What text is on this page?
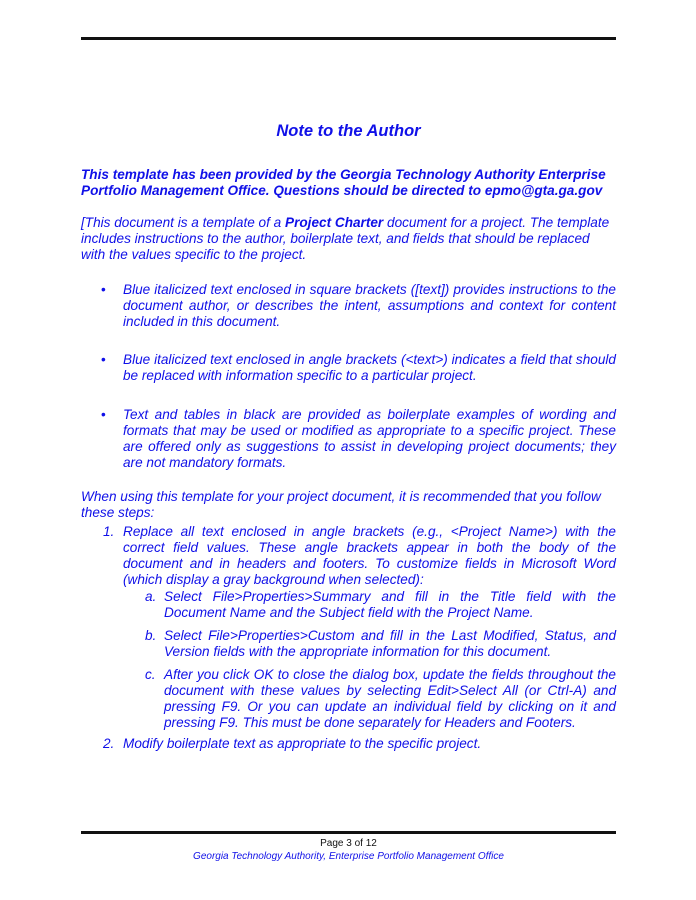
Note to the Author
This template has been provided by the Georgia Technology Authority Enterprise Portfolio Management Office. Questions should be directed to epmo@gta.ga.gov
[This document is a template of a Project Charter document for a project. The template includes instructions to the author, boilerplate text, and fields that should be replaced with the values specific to the project.
• Blue italicized text enclosed in square brackets ([text]) provides instructions to the document author, or describes the intent, assumptions and context for content included in this document.
• Blue italicized text enclosed in angle brackets (<text>) indicates a field that should be replaced with information specific to a particular project.
• Text and tables in black are provided as boilerplate examples of wording and formats that may be used or modified as appropriate to a specific project. These are offered only as suggestions to assist in developing project documents; they are not mandatory formats.
When using this template for your project document, it is recommended that you follow these steps:
1. Replace all text enclosed in angle brackets (e.g., <Project Name>) with the correct field values. These angle brackets appear in both the body of the document and in headers and footers. To customize fields in Microsoft Word (which display a gray background when selected):
a. Select File>Properties>Summary and fill in the Title field with the Document Name and the Subject field with the Project Name.
b. Select File>Properties>Custom and fill in the Last Modified, Status, and Version fields with the appropriate information for this document.
c. After you click OK to close the dialog box, update the fields throughout the document with these values by selecting Edit>Select All (or Ctrl-A) and pressing F9. Or you can update an individual field by clicking on it and pressing F9. This must be done separately for Headers and Footers.
2. Modify boilerplate text as appropriate to the specific project.
Page 3 of 12
Georgia Technology Authority, Enterprise Portfolio Management Office
